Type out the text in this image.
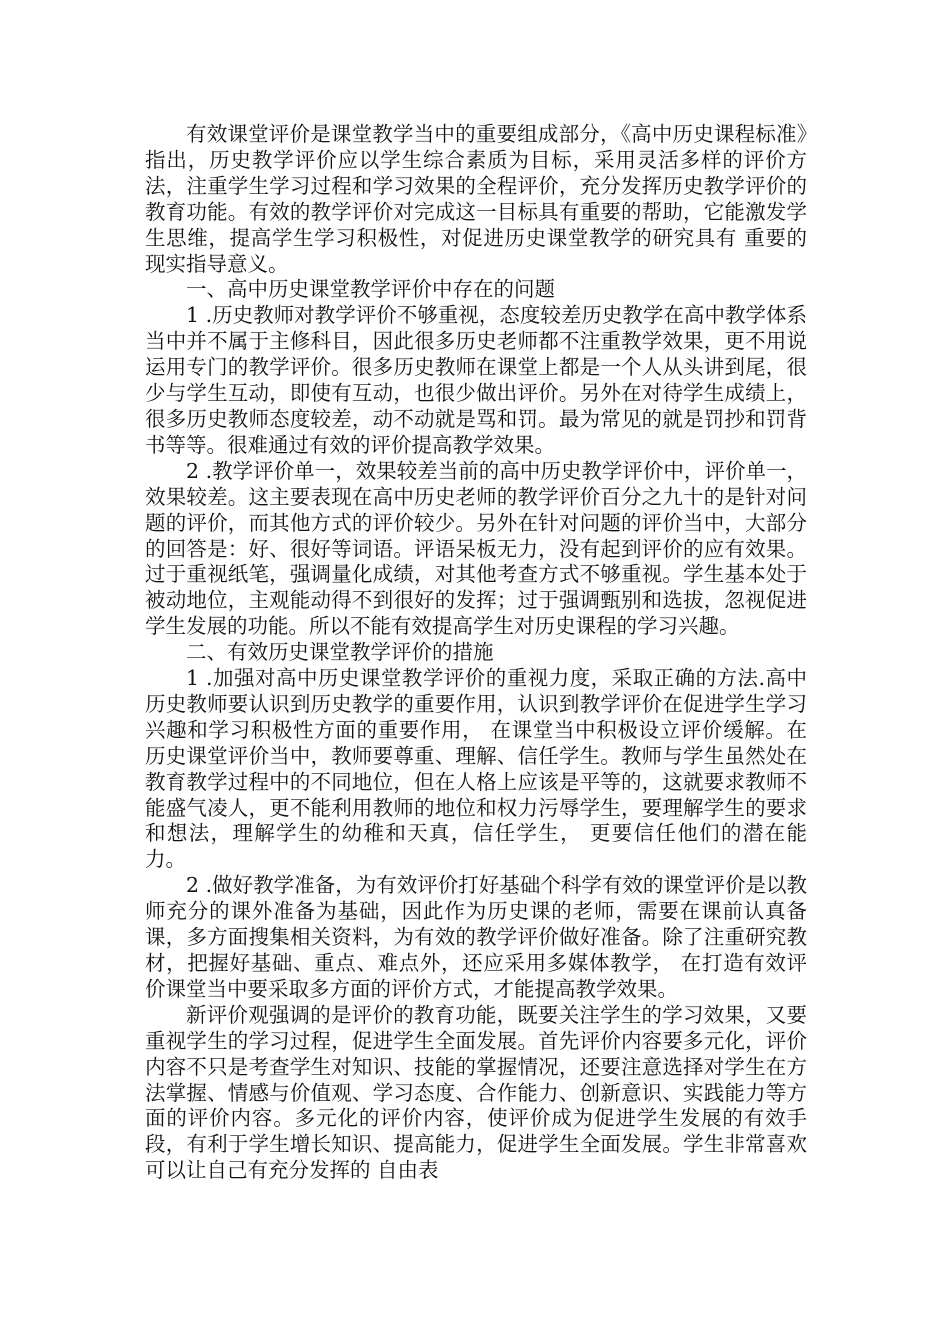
有效课堂评价是课堂教学当中的重要组成部分，《高中历史课程标准》指出，历史教学评价应以学生综合素质为目标，采用灵活多样的评价方法，注重学生学习过程和学习效果的全程评价，充分发挥历史教学评价的教育功能。有效的教学评价对完成这一目标具有重要的帮助，它能激发学生思维，提高学生学习积极性，对促进历史课堂教学的研究具有 重要的现实指导意义。

一、高中历史课堂教学评价中存在的问题

1 .历史教师对教学评价不够重视，态度较差历史教学在高中教学体系当中并不属于主修科目，因此很多历史老师都不注重教学效果，更不用说运用专门的教学评价。很多历史教师在课堂上都是一个人从头讲到尾，很少与学生互动，即使有互动，也很少做出评价。另外在对待学生成绩上，很多历史教师态度较差，动不动就是骂和罚。最为常见的就是罚抄和罚背书等等。很难通过有效的评价提高教学效果。

2 .教学评价单一，效果较差当前的高中历史教学评价中，评价单一，效果较差。这主要表现在高中历史老师的教学评价百分之九十的是针对问题的评价，而其他方式的评价较少。另外在针对问题的评价当中，大部分的回答是：好、很好等词语。评语呆板无力，没有起到评价的应有效果。过于重视纸笔，强调量化成绩，对其他考查方式不够重视。学生基本处于被动地位，主观能动得不到很好的发挥；过于强调甄别和选拔，忽视促进学生发展的功能。所以不能有效提高学生对历史课程的学习兴趣。

二、有效历史课堂教学评价的措施

1 .加强对高中历史课堂教学评价的重视力度，采取正确的方法.高中历史教师要认识到历史教学的重要作用，认识到教学评价在促进学生学习兴趣和学习积极性方面的重要作用， 在课堂当中积极设立评价缓解。在历史课堂评价当中，教师要尊重、理解、信任学生。教师与学生虽然处在教育教学过程中的不同地位，但在人格上应该是平等的，这就要求教师不能盛气凌人，更不能利用教师的地位和权力污辱学生，要理解学生的要求和想法，理解学生的幼稚和天真，信任学生， 更要信任他们的潜在能力。

2 .做好教学准备，为有效评价打好基础个科学有效的课堂评价是以教师充分的课外准备为基础，因此作为历史课的老师，需要在课前认真备课，多方面搜集相关资料，为有效的教学评价做好准备。除了注重研究教材，把握好基础、重点、难点外，还应采用多媒体教学， 在打造有效评价课堂当中要采取多方面的评价方式，才能提高教学效果。

新评价观强调的是评价的教育功能，既要关注学生的学习效果，又要重视学生的学习过程，促进学生全面发展。首先评价内容要多元化，评价内容不只是考查学生对知识、技能的掌握情况，还要注意选择对学生在方法掌握、情感与价值观、学习态度、合作能力、创新意识、实践能力等方面的评价内容。多元化的评价内容，使评价成为促进学生发展的有效手段，有利于学生增长知识、提高能力，促进学生全面发展。学生非常喜欢可以让自己有充分发挥的 自由表
